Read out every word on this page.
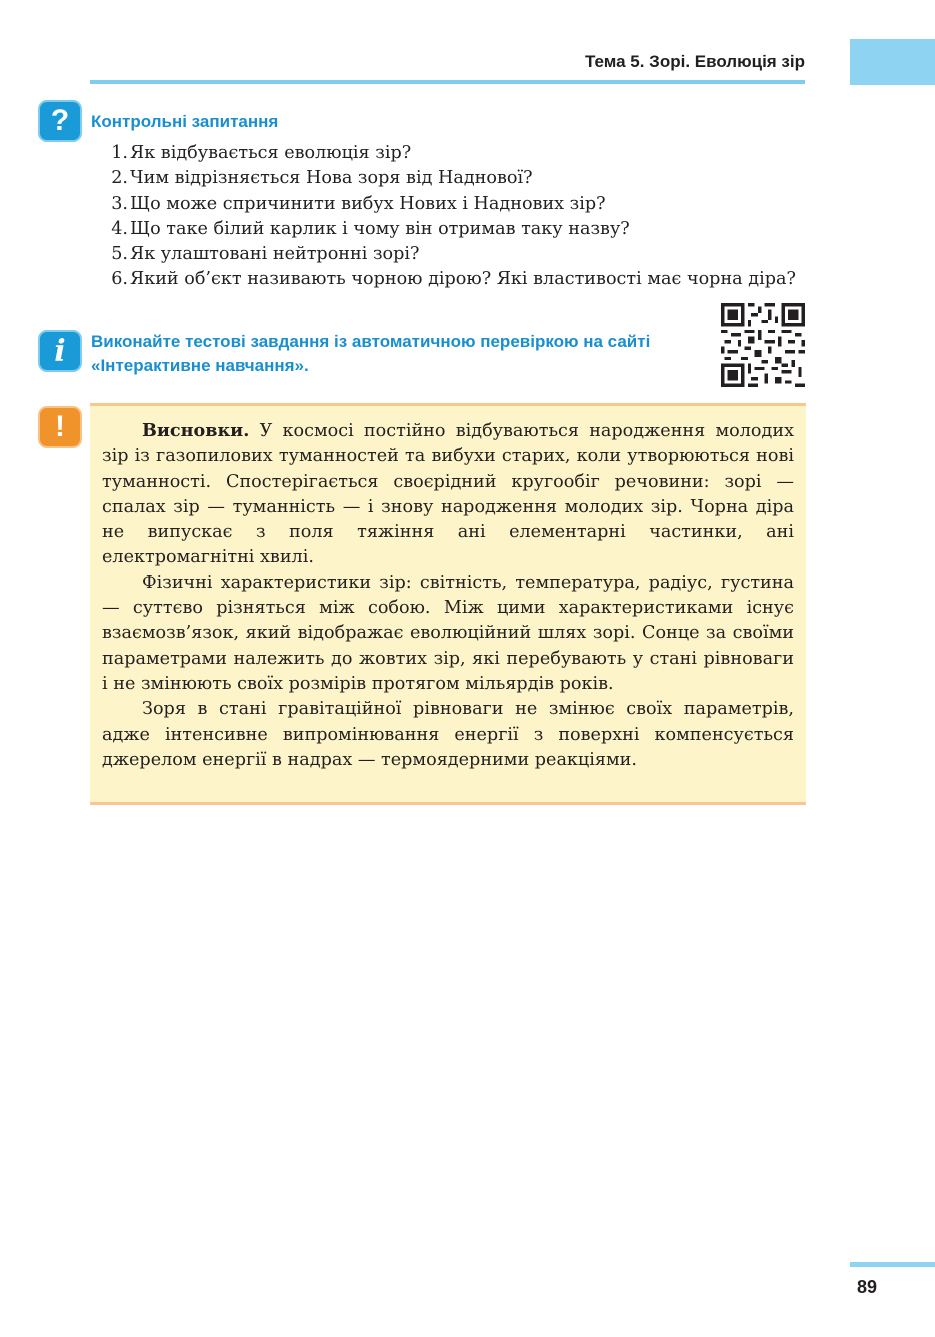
Тема 5. Зорі. Еволюція зір
?	Контрольні запитання
1. Як відбувається еволюція зір?
2. Чим відрізняється Нова зоря від Наднової?
3. Що може спричинити вибух Нових і Наднових зір?
4. Що таке білий карлик і чому він отримав таку назву?
5. Як улаштовані нейтронні зорі?
6. Який об’єкт називають чорною дірою? Які властивості має чорна діра?
i	Виконайте тестові завдання із автоматичною перевіркою на сайті «Інтерактивне навчання».
!	Висновки. У космосі постійно відбуваються народження молодих зір із газопилових туманностей та вибухи старих, коли утворюються нові туманності. Спостерігається своєрідний кругообіг речовини: зорі — спалах зір — туманність — і знову народження молодих зір. Чорна діра не випускає з поля тяжіння ані елементарні частинки, ані електромагнітні хвилі.

Фізичні характеристики зір: світність, температура, радіус, густина — суттєво різняться між собою. Між цими характеристиками існує взаємозв’язок, який відображає еволюційний шлях зорі. Сонце за своїми параметрами належить до жовтих зір, які перебувають у стані рівноваги і не змінюють своїх розмірів протягом мільярдів років.

Зоря в стані гравітаційної рівноваги не змінює своїх параметрів, адже інтенсивне випромінювання енергії з поверхні компенсується джерелом енергії в надрах — термоядерними реакціями.

89
